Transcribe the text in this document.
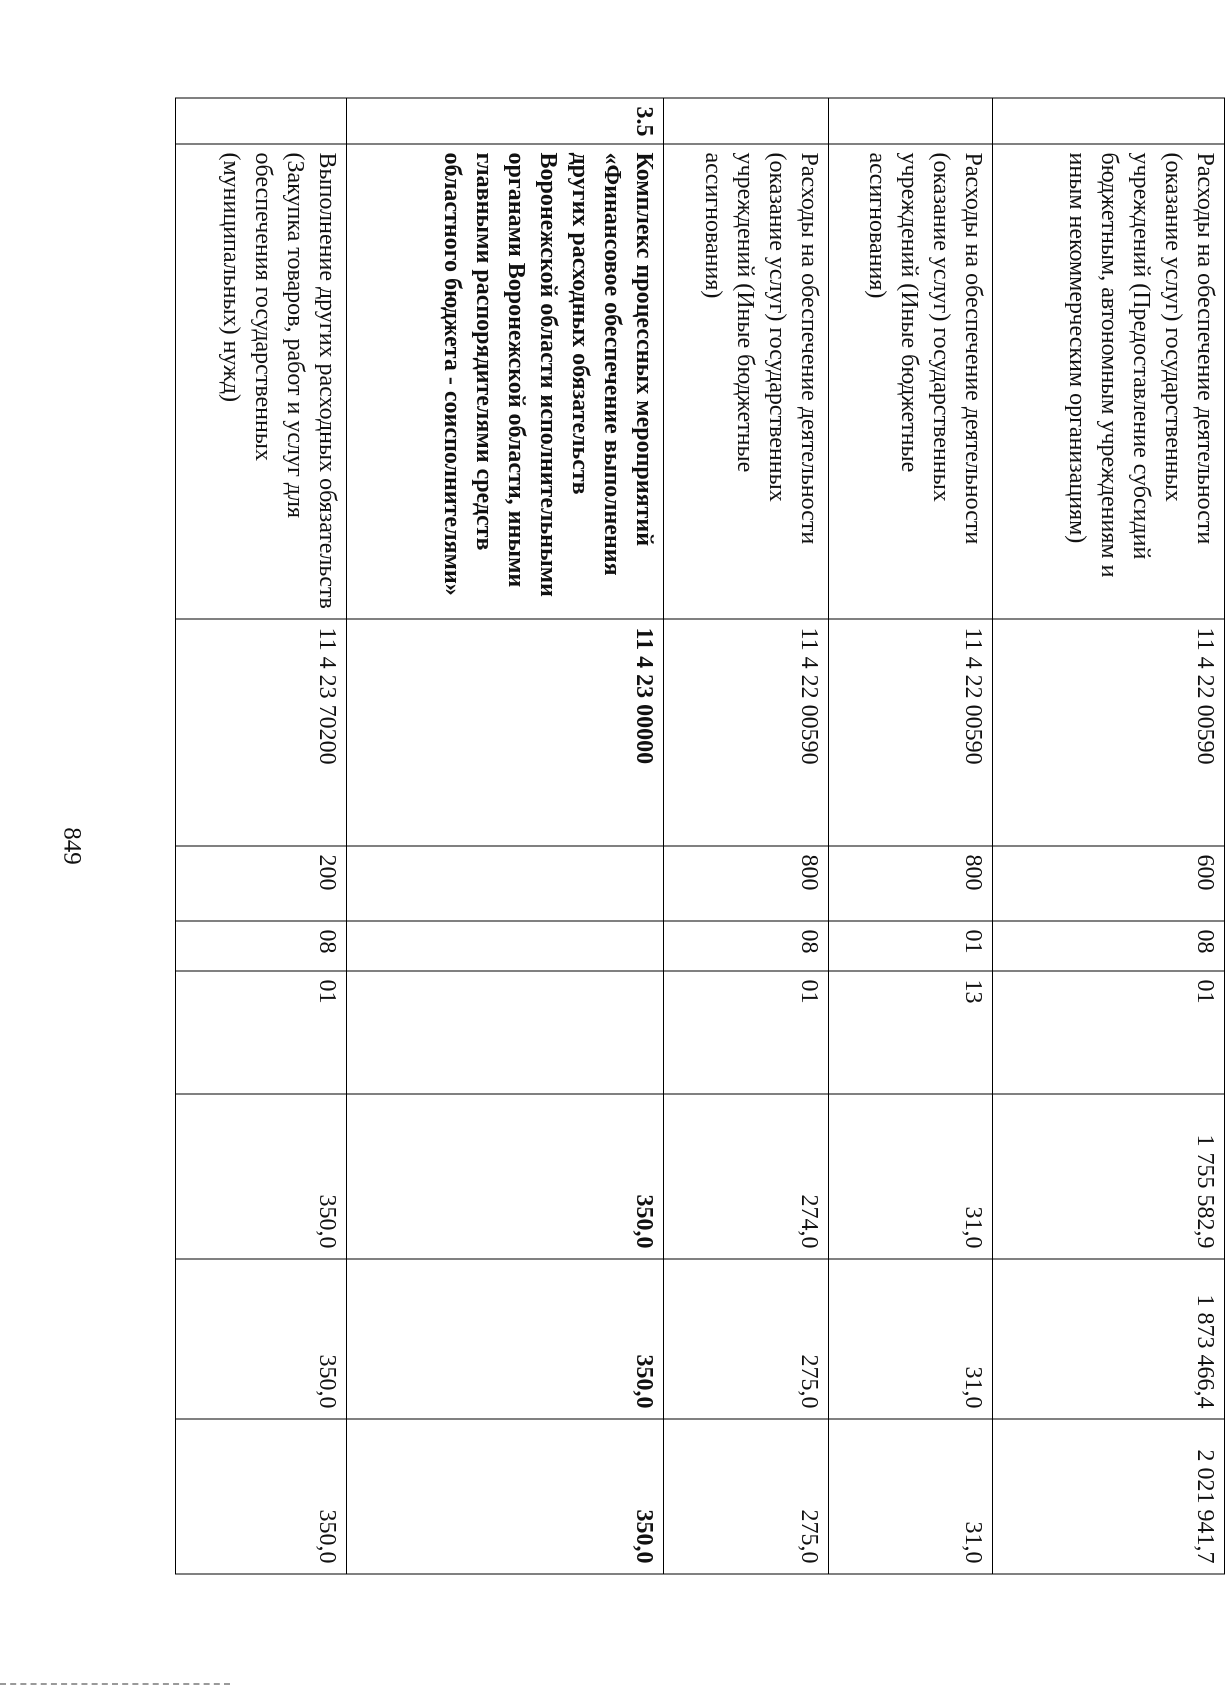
849
	Расходы на обеспечение деятельности (оказание услуг) государственных учреждений (Предоставление субсидий бюджетным, автономным учреждениям и иным некоммерческим организациям)	11 4 22 00590	600	08	01	1 755 582,9	1 873 466,4	2 021 941,7
	Расходы на обеспечение деятельности (оказание услуг) государственных учреждений (Иные бюджетные ассигнования)	11 4 22 00590	800	01	13	31,0	31,0	31,0
	Расходы на обеспечение деятельности (оказание услуг) государственных учреждений (Иные бюджетные ассигнования)	11 4 22 00590	800	08	01	274,0	275,0	275,0
3.5	Комплекс процессных мероприятий «Финансовое обеспечение выполнения других расходных обязательств Воронежской области исполнительными органами Воронежской области, иными главными распорядителями средств областного бюджета - соисполнителями»	11 4 23 00000				350,0	350,0	350,0
	Выполнение других расходных обязательств (Закупка товаров, работ и услуг для обеспечения государственных (муниципальных) нужд)	11 4 23 70200	200	08	01	350,0	350,0	350,0
